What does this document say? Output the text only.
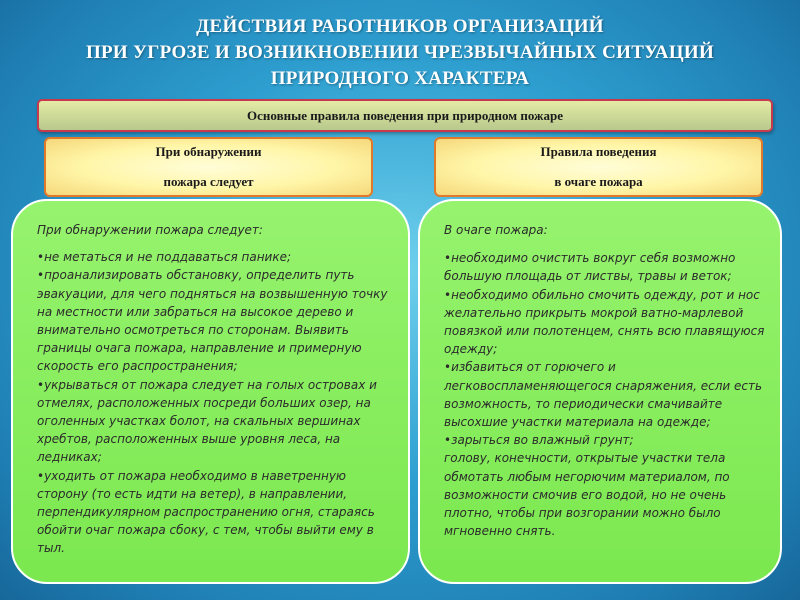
ДЕЙСТВИЯ РАБОТНИКОВ ОРГАНИЗАЦИЙ
ПРИ УГРОЗЕ И ВОЗНИКНОВЕНИИ ЧРЕЗВЫЧАЙНЫХ СИТУАЦИЙ
ПРИРОДНОГО ХАРАКТЕРА
Основные правила поведения при природном пожаре
При обнаружении
пожара следует
Правила поведения
в очаге пожара

При обнаружении пожара следует:

•не метаться и не поддаваться панике;

•проанализировать обстановку, определить путь эвакуации, для чего подняться на возвышенную точку на местности или забраться на высокое дерево и внимательно осмотреться по сторонам. Выявить границы очага пожара, направление и примерную скорость его распространения;

•укрываться от пожара следует на голых островах и отмелях, расположенных посреди больших озер, на оголенных участках болот, на скальных вершинах хребтов, расположенных выше уровня леса, на ледниках;

•уходить от пожара необходимо в наветренную сторону (то есть идти на ветер), в направлении, перпендикулярном распространению огня, стараясь обойти очаг пожара сбоку, с тем, чтобы выйти ему в тыл.

В очаге пожара:

•необходимо очистить вокруг себя возможно большую площадь от листвы, травы и веток;

•необходимо обильно смочить одежду, рот и нос желательно прикрыть мокрой ватно-марлевой повязкой или полотенцем, снять всю плавящуюся одежду;

•избавиться от горючего и легковоспламеняющегося снаряжения, если есть возможность, то периодически смачивайте высохшие участки материала на одежде;

•зарыться во влажный грунт;

голову, конечности, открытые участки тела обмотать любым негорючим материалом, по возможности смочив его водой, но не очень плотно, чтобы при возгорании можно было мгновенно снять.
